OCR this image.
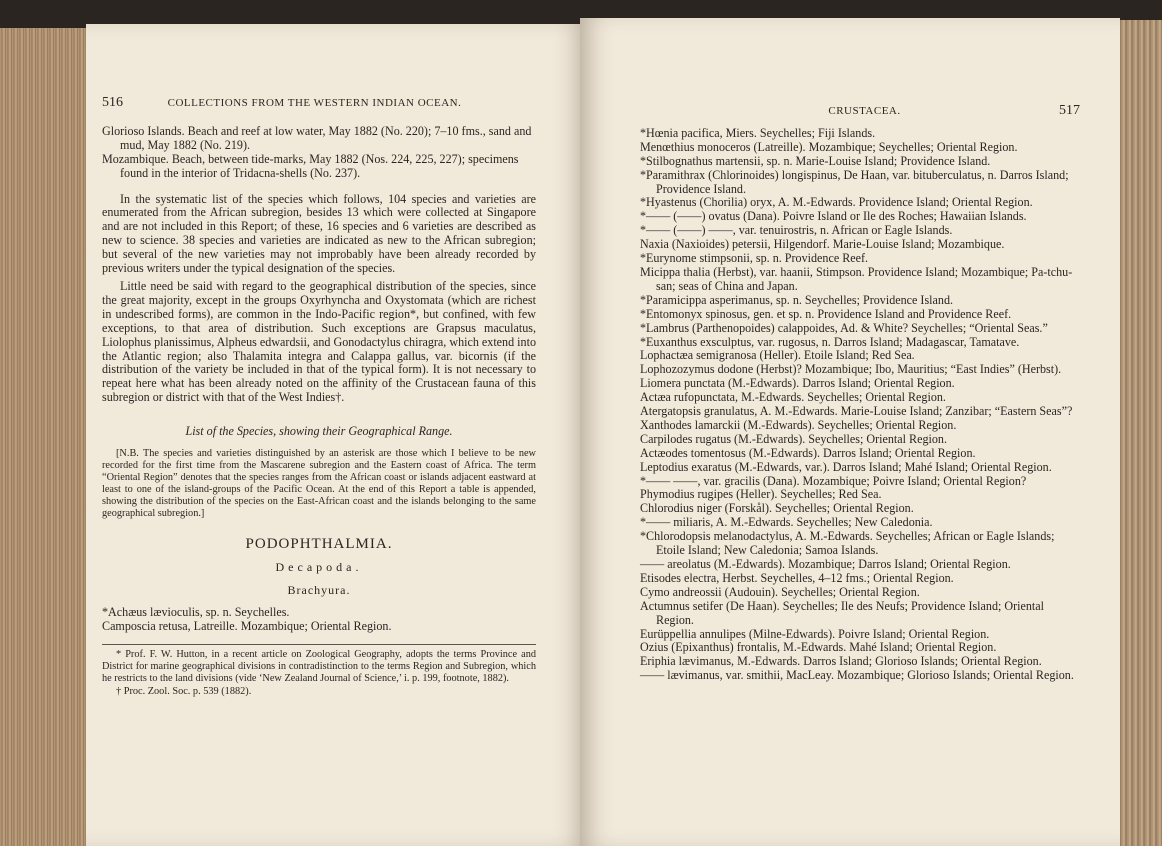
516	COLLECTIONS FROM THE WESTERN INDIAN OCEAN.

Glorioso Islands. Beach and reef at low water, May 1882 (No. 220); 7–10 fms., sand and mud, May 1882 (No. 219).

Mozambique. Beach, between tide-marks, May 1882 (Nos. 224, 225, 227); specimens found in the interior of Tridacna-shells (No. 237).

In the systematic list of the species which follows, 104 species and varieties are enumerated from the African subregion, besides 13 which were collected at Singapore and are not included in this Report; of these, 16 species and 6 varieties are described as new to science. 38 species and varieties are indicated as new to the African subregion; but several of the new varieties may not improbably have been already recorded by previous writers under the typical designation of the species.

Little need be said with regard to the geographical distribution of the species, since the great majority, except in the groups Oxyrhyncha and Oxystomata (which are richest in undescribed forms), are common in the Indo-Pacific region*, but confined, with few exceptions, to that area of distribution. Such exceptions are Grapsus maculatus, Liolophus planissimus, Alpheus edwardsii, and Gonodactylus chiragra, which extend into the Atlantic region; also Thalamita integra and Calappa gallus, var. bicornis (if the distribution of the variety be included in that of the typical form). It is not necessary to repeat here what has been already noted on the affinity of the Crustacean fauna of this subregion or district with that of the West Indies†.

List of the Species, showing their Geographical Range.

[N.B. The species and varieties distinguished by an asterisk are those which I believe to be new recorded for the first time from the Mascarene subregion and the Eastern coast of Africa. The term “Oriental Region” denotes that the species ranges from the African coast or islands adjacent eastward at least to one of the island-groups of the Pacific Ocean. At the end of this Report a table is appended, showing the distribution of the species on the East-African coast and the islands belonging to the same geographical subregion.]

PODOPHTHALMIA.
Decapoda.
Brachyura.

*Achæus lævioculis, sp. n. Seychelles.

Camposcia retusa, Latreille. Mozambique; Oriental Region.

* Prof. F. W. Hutton, in a recent article on Zoological Geography, adopts the terms Province and District for marine geographical divisions in contradistinction to the terms Region and Subregion, which he restricts to the land divisions (vide ‘New Zealand Journal of Science,’ i. p. 199, footnote, 1882).

† Proc. Zool. Soc. p. 539 (1882).

CRUSTACEA.	517

*Hœnia pacifica, Miers. Seychelles; Fiji Islands.

Menœthius monoceros (Latreille). Mozambique; Seychelles; Oriental Region.

*Stilbognathus martensii, sp. n. Marie-Louise Island; Providence Island.

*Paramithrax (Chlorinoides) longispinus, De Haan, var. bituberculatus, n. Darros Island; Providence Island.

*Hyastenus (Chorilia) oryx, A. M.-Edwards. Providence Island; Oriental Region.

*—— (——) ovatus (Dana). Poivre Island or Ile des Roches; Hawaiian Islands.

*—— (——) ——, var. tenuirostris, n. African or Eagle Islands.

Naxia (Naxioides) petersii, Hilgendorf. Marie-Louise Island; Mozambique.

*Eurynome stimpsonii, sp. n. Providence Reef.

Micippa thalia (Herbst), var. haanii, Stimpson. Providence Island; Mozambique; Pa-tchu-san; seas of China and Japan.

*Paramicippa asperimanus, sp. n. Seychelles; Providence Island.

*Entomonyx spinosus, gen. et sp. n. Providence Island and Providence Reef.

*Lambrus (Parthenopoides) calappoides, Ad. & White? Seychelles; “Oriental Seas.”

*Euxanthus exsculptus, var. rugosus, n. Darros Island; Madagascar, Tamatave.

Lophactæa semigranosa (Heller). Etoile Island; Red Sea.

Lophozozymus dodone (Herbst)? Mozambique; Ibo, Mauritius; “East Indies” (Herbst).

Liomera punctata (M.-Edwards). Darros Island; Oriental Region.

Actæa rufopunctata, M.-Edwards. Seychelles; Oriental Region.

Atergatopsis granulatus, A. M.-Edwards. Marie-Louise Island; Zanzibar; “Eastern Seas”?

Xanthodes lamarckii (M.-Edwards). Seychelles; Oriental Region.

Carpilodes rugatus (M.-Edwards). Seychelles; Oriental Region.

Actæodes tomentosus (M.-Edwards). Darros Island; Oriental Region.

Leptodius exaratus (M.-Edwards, var.). Darros Island; Mahé Island; Oriental Region.

*—— ——, var. gracilis (Dana). Mozambique; Poivre Island; Oriental Region?

Phymodius rugipes (Heller). Seychelles; Red Sea.

Chlorodius niger (Forskål). Seychelles; Oriental Region.

*—— miliaris, A. M.-Edwards. Seychelles; New Caledonia.

*Chlorodopsis melanodactylus, A. M.-Edwards. Seychelles; African or Eagle Islands; Etoile Island; New Caledonia; Samoa Islands.

—— areolatus (M.-Edwards). Mozambique; Darros Island; Oriental Region.

Etisodes electra, Herbst. Seychelles, 4–12 fms.; Oriental Region.

Cymo andreossii (Audouin). Seychelles; Oriental Region.

Actumnus setifer (De Haan). Seychelles; Ile des Neufs; Providence Island; Oriental Region.

Eurüppellia annulipes (Milne-Edwards). Poivre Island; Oriental Region.

Ozius (Epixanthus) frontalis, M.-Edwards. Mahé Island; Oriental Region.

Eriphia lævimanus, M.-Edwards. Darros Island; Glorioso Islands; Oriental Region.

—— lævimanus, var. smithii, MacLeay. Mozambique; Glorioso Islands; Oriental Region.
